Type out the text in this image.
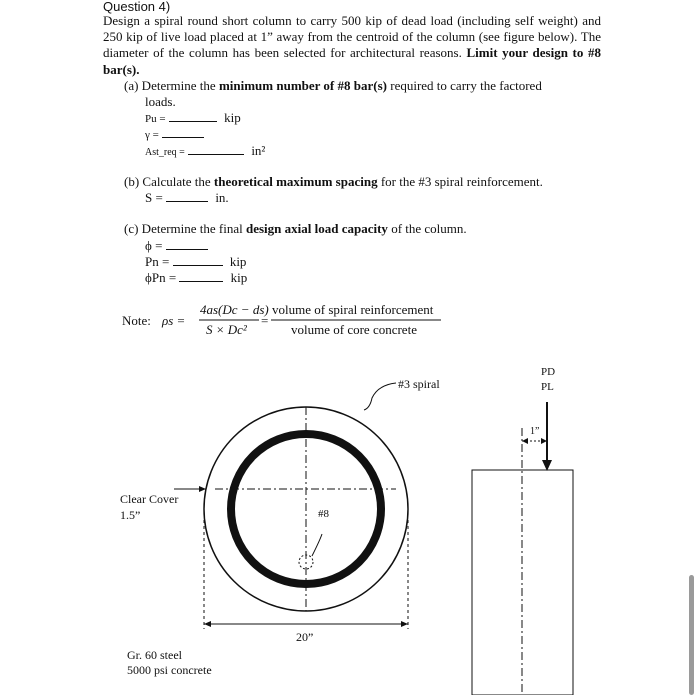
Question 4)
Design a spiral round short column to carry 500 kip of dead load (including self weight) and 250 kip of live load placed at 1” away from the centroid of the column (see figure below). The diameter of the column has been selected for architectural reasons. Limit your design to #8 bar(s).
(a) Determine the minimum number of #8 bar(s) required to carry the factored
loads.
Pu =	kip
γ =
Ast_req =	in²
(b) Calculate the theoretical maximum spacing for the #3 spiral reinforcement.
S =	in.
(c) Determine the final design axial load capacity of the column.
ϕ =
Pn =	kip
ϕPn =	kip
Note: ρs =
4as(Dc − ds)
S × Dc²
=
volume of spiral reinforcement
volume of core concrete
#3 spiral
#8
Clear Cover
1.5”
20”
Gr. 60 steel
5000 psi concrete
PD
PL
1”
